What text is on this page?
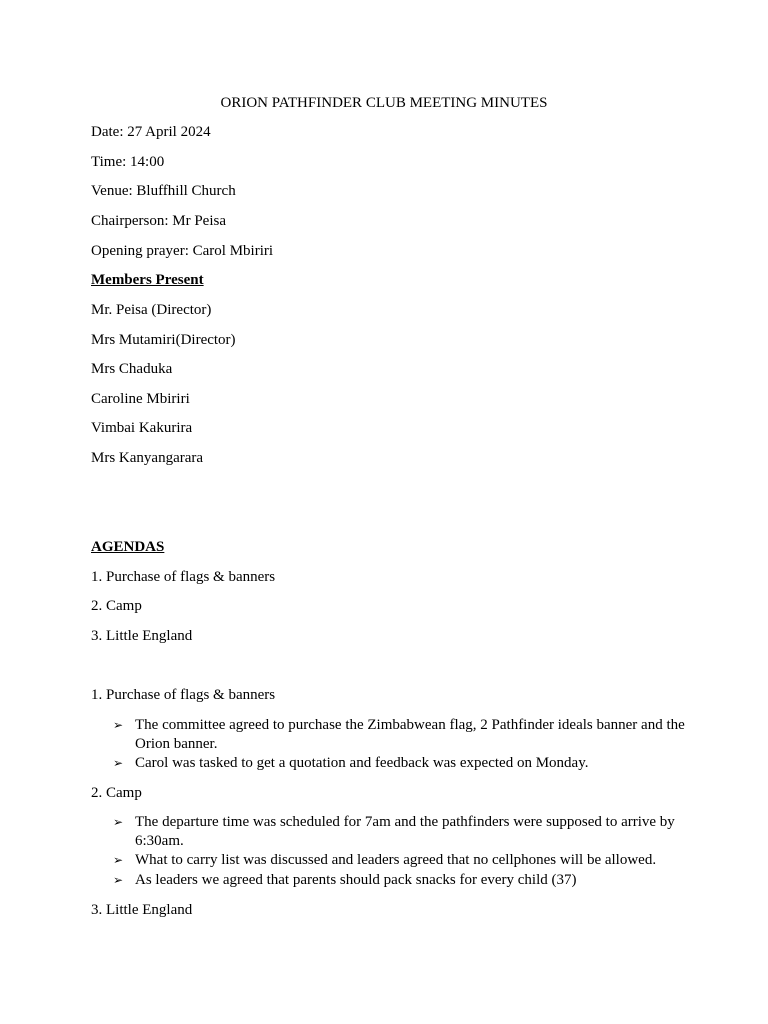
ORION PATHFINDER CLUB MEETING MINUTES
Date: 27 April 2024
Time: 14:00
Venue: Bluffhill Church
Chairperson: Mr Peisa
Opening prayer: Carol Mbiriri
Members Present
Mr. Peisa (Director)
Mrs Mutamiri(Director)
Mrs Chaduka
Caroline Mbiriri
Vimbai Kakurira
Mrs Kanyangarara
AGENDAS
1. Purchase of flags & banners
2. Camp
3. Little England
1. Purchase of flags & banners
➢ The committee agreed to purchase the Zimbabwean flag, 2 Pathfinder ideals banner and the Orion banner.
➢ Carol was tasked to get a quotation and feedback was expected on Monday.
2. Camp
➢ The departure time was scheduled for 7am and the pathfinders were supposed to arrive by 6:30am.
➢ What to carry list was discussed and leaders agreed that no cellphones will be allowed.
➢ As leaders we agreed that parents should pack snacks for every child (37)
3. Little England
